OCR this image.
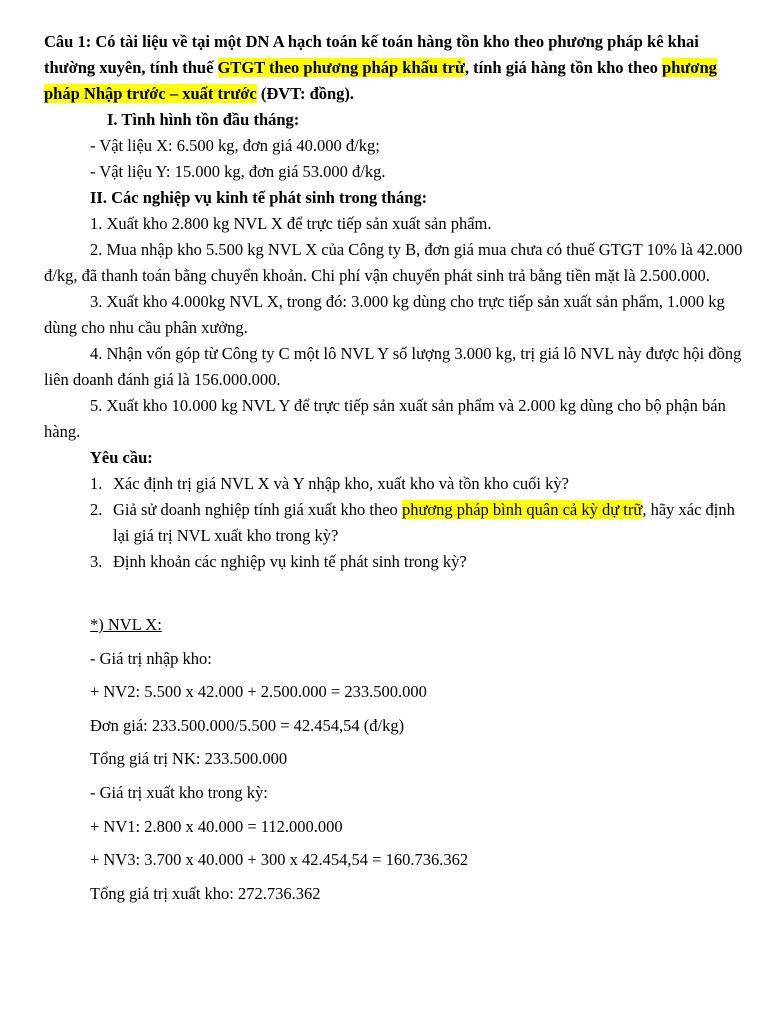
Câu 1: Có tài liệu về tại một DN A hạch toán kế toán hàng tồn kho theo phương pháp kê khai thường xuyên, tính thuế GTGT theo phương pháp khấu trừ, tính giá hàng tồn kho theo phương pháp Nhập trước – xuất trước (ĐVT: đồng).
I. Tình hình tồn đầu tháng:
- Vật liệu X: 6.500 kg, đơn giá 40.000 đ/kg;
- Vật liệu Y: 15.000 kg, đơn giá 53.000 đ/kg.
II. Các nghiệp vụ kinh tế phát sinh trong tháng:
1. Xuất kho 2.800 kg NVL X để trực tiếp sản xuất sản phẩm.
2. Mua nhập kho 5.500 kg NVL X của Công ty B, đơn giá mua chưa có thuế GTGT 10% là 42.000 đ/kg, đã thanh toán bằng chuyển khoản. Chi phí vận chuyển phát sinh trả bằng tiền mặt là 2.500.000.
3. Xuất kho 4.000kg NVL X, trong đó: 3.000 kg dùng cho trực tiếp sản xuất sản phẩm, 1.000 kg dùng cho nhu cầu phân xưởng.
4. Nhận vốn góp từ Công ty C một lô NVL Y số lượng 3.000 kg, trị giá lô NVL này được hội đồng liên doanh đánh giá là 156.000.000.
5. Xuất kho 10.000 kg NVL Y để trực tiếp sản xuất sản phẩm và 2.000 kg dùng cho bộ phận bán hàng.
Yêu cầu:
1. Xác định trị giá NVL X và Y nhập kho, xuất kho và tồn kho cuối kỳ?
2. Giả sử doanh nghiệp tính giá xuất kho theo phương pháp bình quân cả kỳ dự trữ, hãy xác định lại giá trị NVL xuất kho trong kỳ?
3. Định khoản các nghiệp vụ kinh tế phát sinh trong kỳ?
*) NVL X:
- Giá trị nhập kho:
+ NV2: 5.500 x 42.000 + 2.500.000 = 233.500.000
Đơn giá: 233.500.000/5.500 = 42.454,54 (đ/kg)
Tổng giá trị NK: 233.500.000
- Giá trị xuất kho trong kỳ:
+ NV1: 2.800 x 40.000 = 112.000.000
+ NV3: 3.700 x 40.000 + 300 x 42.454,54 = 160.736.362
Tổng giá trị xuất kho: 272.736.362
